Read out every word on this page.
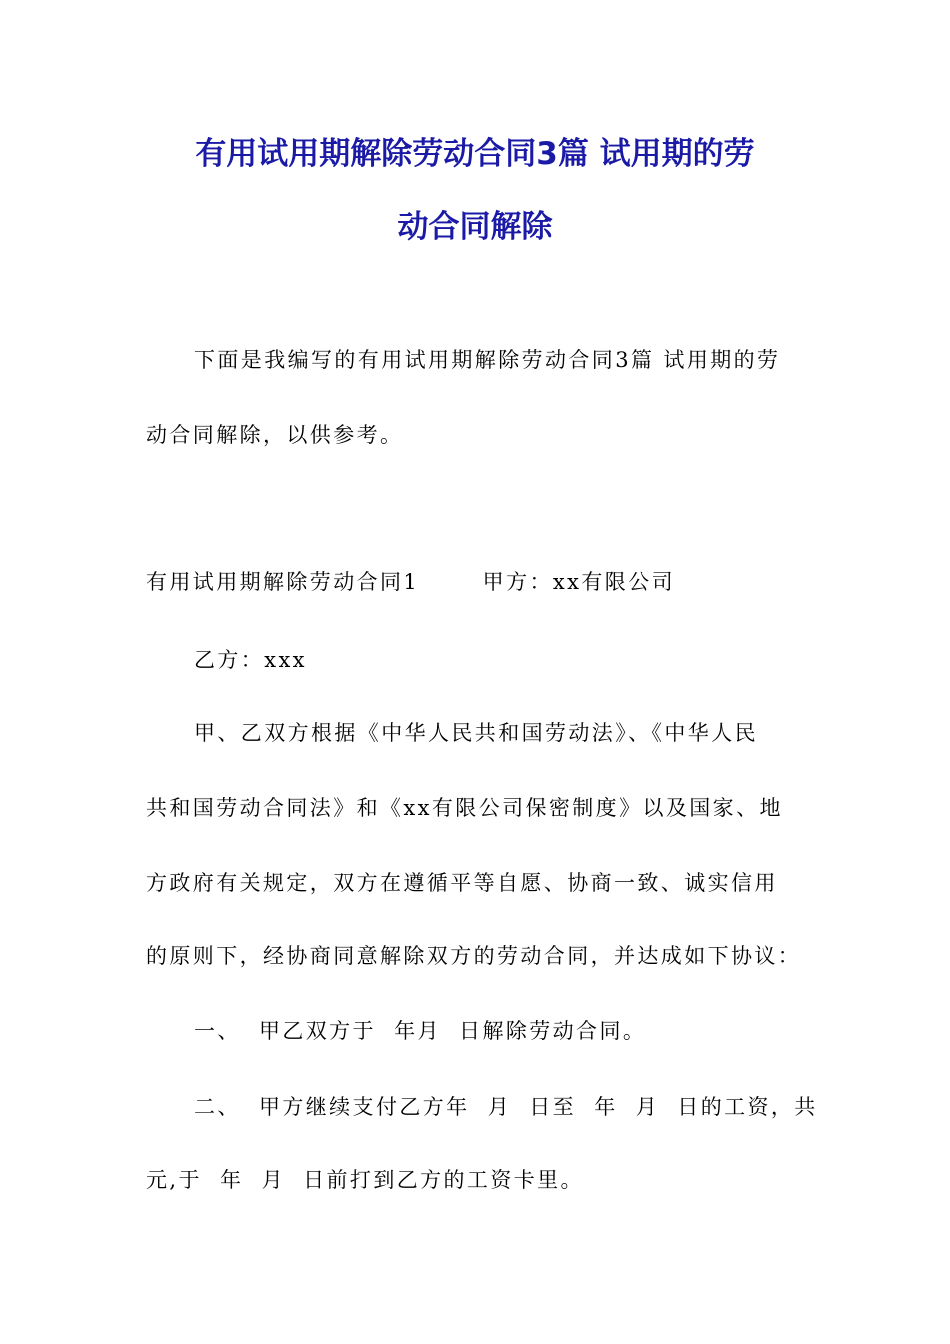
有用试用期解除劳动合同3篇 试用期的劳
动合同解除

下面是我编写的有用试用期解除劳动合同3篇 试用期的劳

动合同解除，以供参考。

有用试用期解除劳动合同1       甲方：xx有限公司

乙方：xxx

甲、乙双方根据《中华人民共和国劳动法》、《中华人民

共和国劳动合同法》和《xx有限公司保密制度》以及国家、地

方政府有关规定，双方在遵循平等自愿、协商一致、诚实信用

的原则下，经协商同意解除双方的劳动合同，并达成如下协议：

一、  甲乙双方于  年月  日解除劳动合同。

二、  甲方继续支付乙方年  月  日至  年  月  日的工资，共

元,于  年  月  日前打到乙方的工资卡里。
